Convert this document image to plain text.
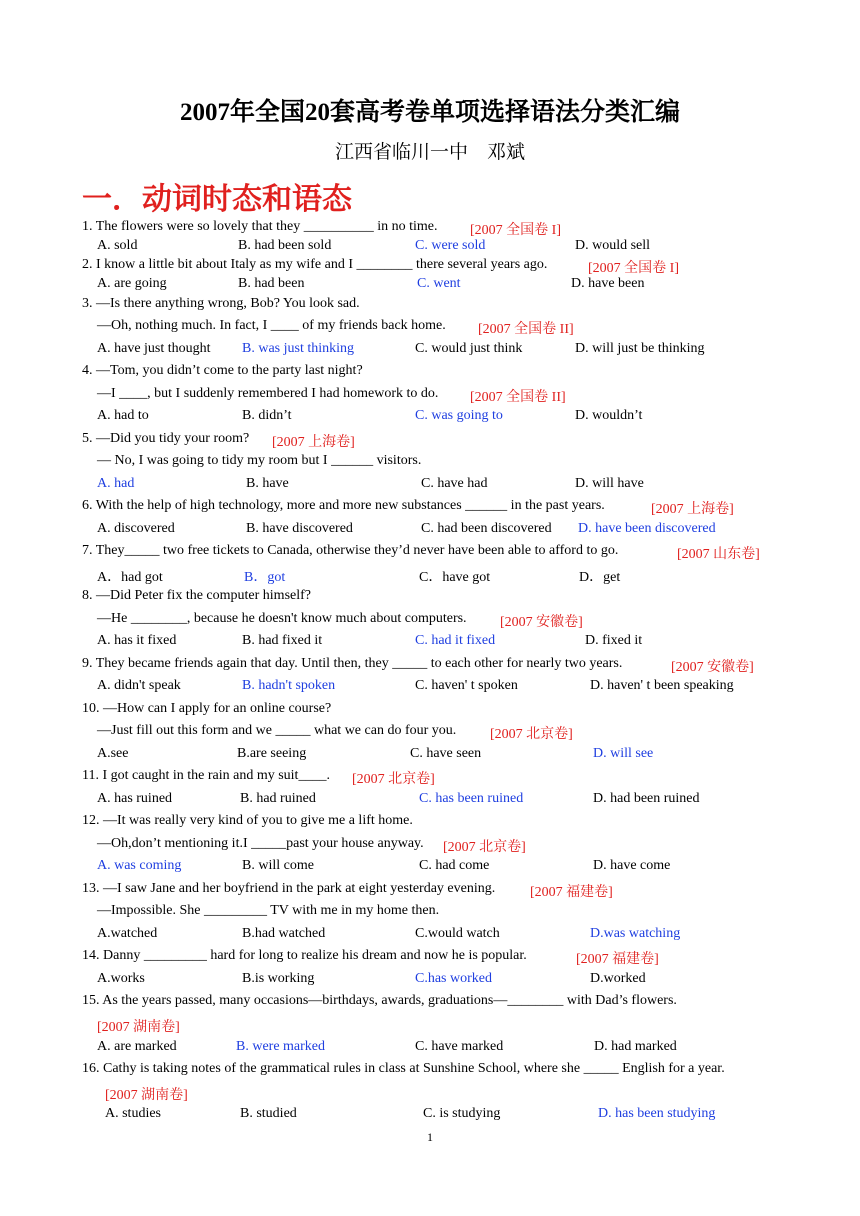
2007年全国20套高考卷单项选择语法分类汇编
江西省临川一中　邓斌
一．动词时态和语态
1. The flowers were so lovely that they __________ in no time. [2007 全国卷 I]
A. sold	B. had been sold	C. were sold	D. would sell
2. I know a little bit about Italy as my wife and I ________ there several years ago.	[2007 全国卷 I]
A. are going	B. had been	C. went	D. have been
3. —Is there anything wrong, Bob? You look sad.
—Oh, nothing much. In fact, I ____ of my friends back home. [2007 全国卷 II]
A. have just thought B. was just thinking	C. would just think	D. will just be thinking
4. —Tom, you didn’t come to the party last night?
—I ____, but I suddenly remembered I had homework to do. [2007 全国卷 II]
A. had to	B. didn’t	C. was going to	D. wouldn’t
5. —Did you tidy your room? [2007 上海卷]
— No, I was going to tidy my room but I ______ visitors.
A. had	B. have	C. have had	D. will have
6. With the help of high technology, more and more new substances ______ in the past years.	[2007 上海卷]
A. discovered	B. have discovered	C. had been discovered D. have been discovered
7. They_____ two free tickets to Canada, otherwise they’d never have been able to afford to go.	[2007 山东卷]
A．had got	B．got	C．have got	D．get
8. —Did Peter fix the computer himself?
—He ________, because he doesn't know much about computers. [2007 安徽卷]
A. has it fixed	B. had fixed it	C. had it fixed	D. fixed it
9. They became friends again that day. Until then, they _____ to each other for nearly two years.	[2007 安徽卷]
A. didn't speak	B. hadn't spoken	C. haven' t spoken	D. haven' t been speaking
10. —How can I apply for an online course?
—Just fill out this form and we _____ what we can do four you. [2007 北京卷]
A.see	B.are seeing	C. have seen	D. will see
11. I got caught in the rain and my suit____. [2007 北京卷]
A. has ruined	B. had ruined	C. has been ruined	D. had been ruined
12. —It was really very kind of you to give me a lift home.
—Oh,don’t mentioning it.I _____past your house anyway. [2007 北京卷]
A. was coming	B. will come	C. had come	D. have come
13. —I saw Jane and her boyfriend in the park at eight yesterday evening. [2007 福建卷]
—Impossible. She _________ TV with me in my home then.
A.watched	B.had watched	C.would watch	D.was watching
14. Danny _________ hard for long to realize his dream and now he is popular.	[2007 福建卷]
A.works	B.is working	C.has worked	D.worked
15. As the years passed, many occasions—birthdays, awards, graduations—________ with Dad’s flowers.
[2007 湖南卷]
A. are marked	B. were marked	C. have marked	D. had marked
16. Cathy is taking notes of the grammatical rules in class at Sunshine School, where she _____ English for a year.
[2007 湖南卷]
A. studies	B. studied	C. is studying	D. has been studying
1
